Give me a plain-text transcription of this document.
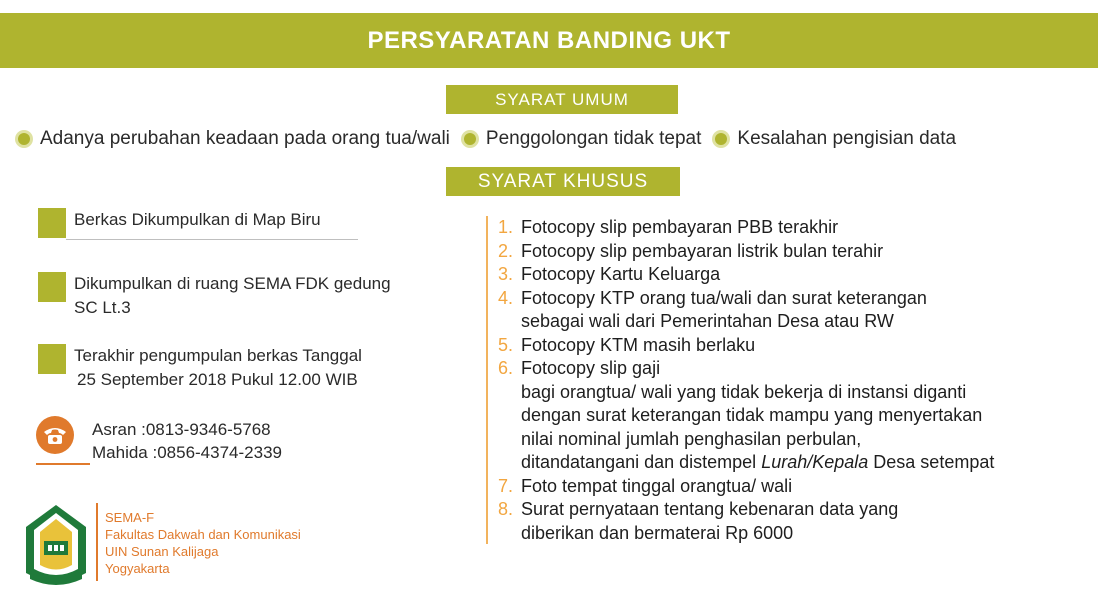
PERSYARATAN BANDING UKT
SYARAT UMUM
Adanya perubahan keadaan pada orang tua/wali Penggolongan tidak tepat Kesalahan pengisian data
SYARAT KHUSUS
Berkas Dikumpulkan di Map Biru
Dikumpulkan di ruang SEMA FDK gedung
SC Lt.3
Terakhir pengumpulan berkas Tanggal
25 September 2018 Pukul 12.00 WIB
Asran :0813-9346-5768
Mahida :0856-4374-2339
SEMA-F
Fakultas Dakwah dan Komunikasi
UIN Sunan Kalijaga
Yogyakarta
1. Fotocopy slip pembayaran PBB terakhir
2. Fotocopy slip pembayaran listrik bulan terahir
3. Fotocopy Kartu Keluarga
4. Fotocopy KTP orang tua/wali dan surat keterangan
sebagai wali dari Pemerintahan Desa atau RW
5. Fotocopy KTM masih berlaku
6. Fotocopy slip gaji
bagi orangtua/ wali yang tidak bekerja di instansi diganti
dengan surat keterangan tidak mampu yang menyertakan
nilai nominal jumlah penghasilan perbulan,
ditandatangani dan distempel Lurah/Kepala Desa setempat
7. Foto tempat tinggal orangtua/ wali
8. Surat pernyataan tentang kebenaran data yang
diberikan dan bermaterai Rp 6000
